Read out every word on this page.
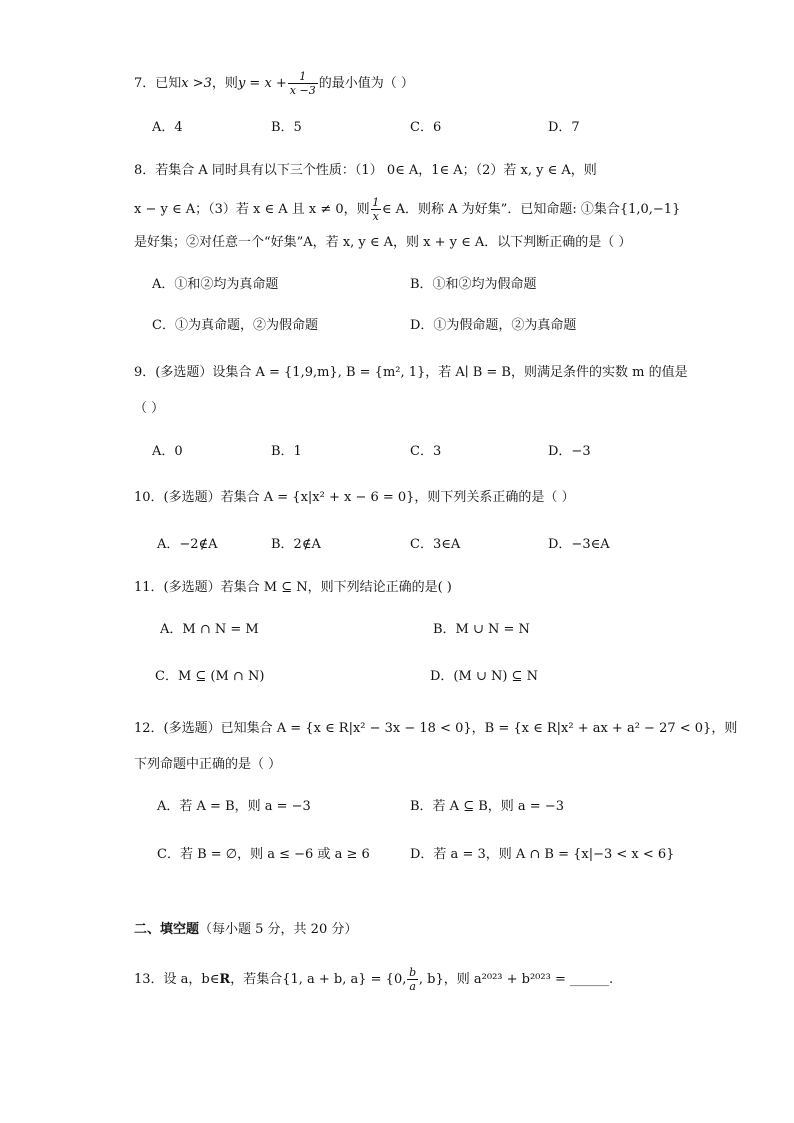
7．已知x >3，则$y = x + \frac{1}{x -3}$ 的最小值为（ ）
A．4	B．5	C．6	D．7
8．若集合 A 同时具有以下三个性质：（1） 0∈ A，1∈ A；（2）若 x, y ∈ A，则
x − y ∈ A；（3）若 x ∈ A 且 x ≠ 0，则 $\frac{1}{x}$ ∈ A．则称 A 为好集”．已知命题: ①集合{1,0,−1}
是好集；②对任意一个“好集”A，若 x, y ∈ A，则 x + y ∈ A．以下判断正确的是（ ）
A．①和②均为真命题	B．①和②均为假命题
C．①为真命题，②为假命题	D．①为假命题，②为真命题
9．(多选题）设集合 A = {1,9,m}, B = {m², 1}，若 A∣ B = B，则满足条件的实数 m 的值是
（ ）
A．0	B．1	C．3	D．−3
10．(多选题）若集合 A = {x|x² + x − 6 = 0}，则下列关系正确的是（ ）
A．−2∉A	B．2∉A	C．3∈A	D．−3∈A
11．(多选题）若集合 M ⊆ N，则下列结论正确的是( )
A．M ∩ N = M	B．M ∪ N = N
C．M ⊆ (M ∩ N)	D．(M ∪ N) ⊆ N
12．(多选题）已知集合 A = {x ∈ R|x² − 3x − 18 < 0}，B = {x ∈ R|x² + ax + a² − 27 < 0}，则
下列命题中正确的是（ ）
A．若 A = B，则 a = −3	B．若 A ⊆ B，则 a = −3
C．若 B = ∅，则 a ≤ −6 或 a ≥ 6	D．若 a = 3，则 A ∩ B = {x|−3 < x < 6}
二、填空题（每小题 5 分，共 20 分）
13．设 a，b∈R，若集合{1, a + b, a} = {0, $\frac{b}{a}$ , b}，则 a²⁰²³ + b²⁰²³ = ______.
